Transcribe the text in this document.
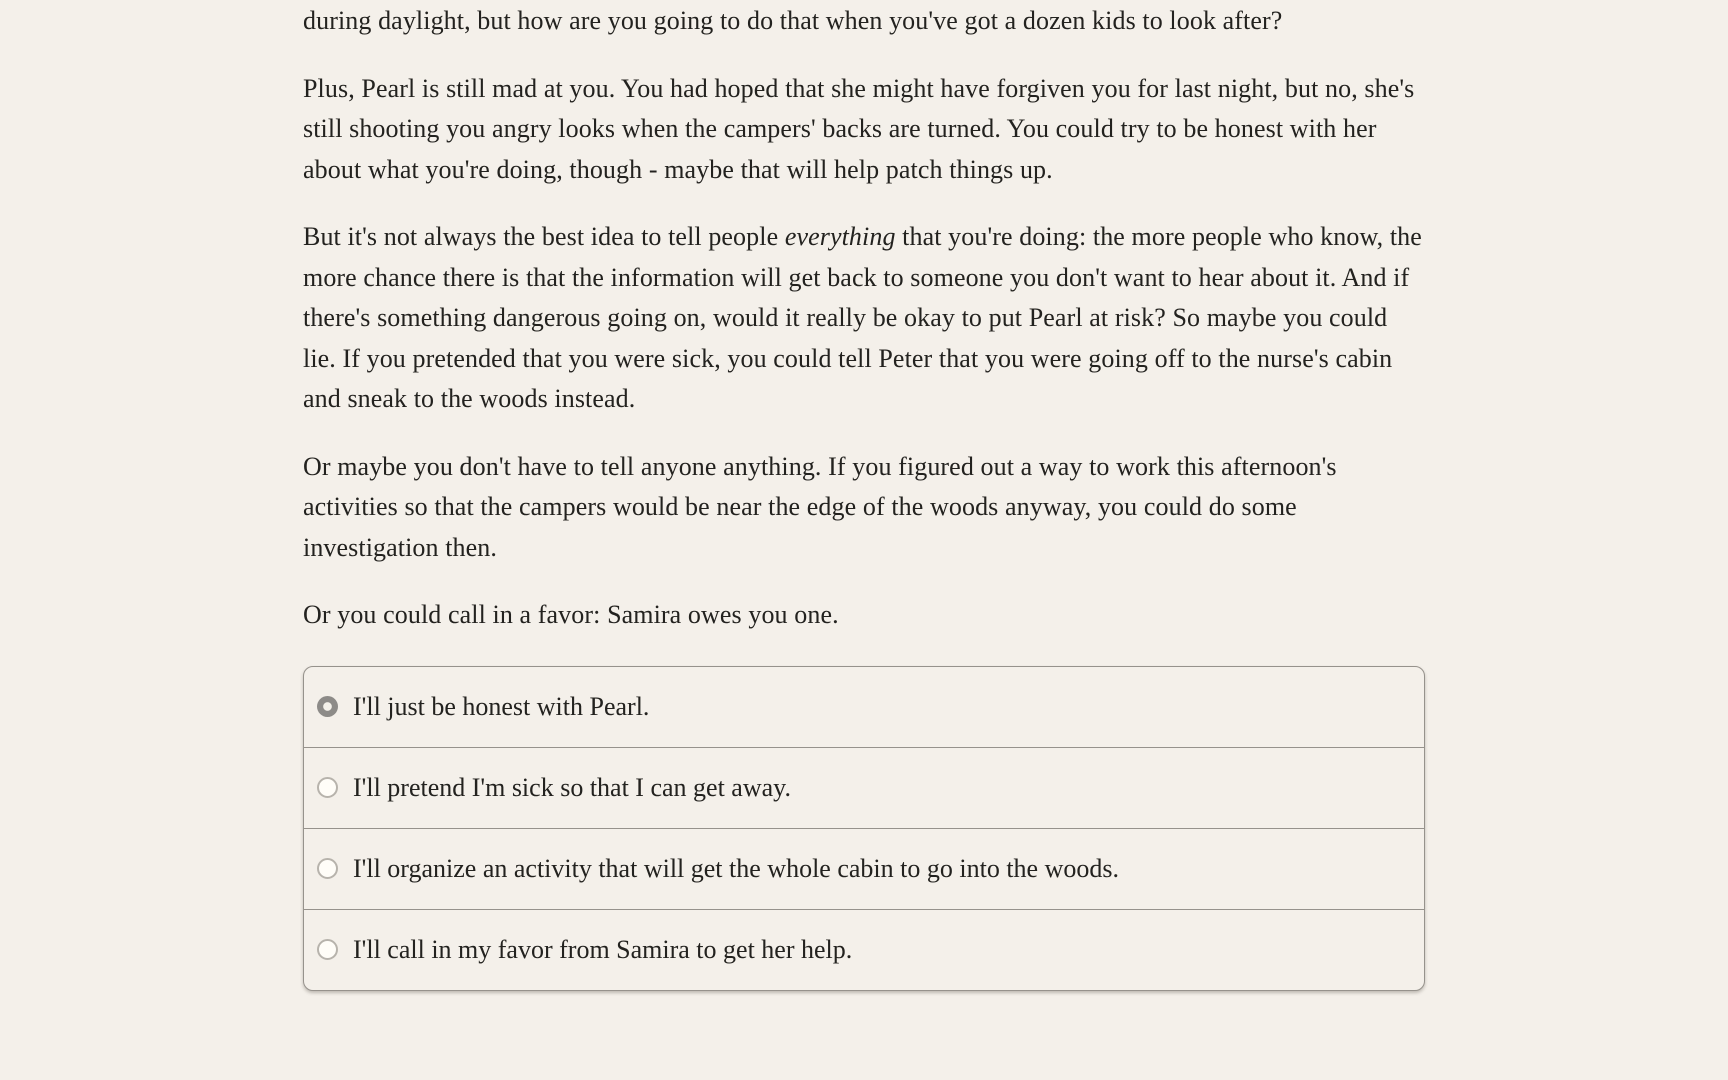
during daylight, but how are you going to do that when you've got a dozen kids to look after?

Plus, Pearl is still mad at you. You had hoped that she might have forgiven you for last night, but no, she's still shooting you angry looks when the campers' backs are turned. You could try to be honest with her about what you're doing, though - maybe that will help patch things up.

But it's not always the best idea to tell people everything that you're doing: the more people who know, the more chance there is that the information will get back to someone you don't want to hear about it. And if there's something dangerous going on, would it really be okay to put Pearl at risk? So maybe you could lie. If you pretended that you were sick, you could tell Peter that you were going off to the nurse's cabin and sneak to the woods instead.

Or maybe you don't have to tell anyone anything. If you figured out a way to work this afternoon's activities so that the campers would be near the edge of the woods anyway, you could do some investigation then.

Or you could call in a favor: Samira owes you one.

I'll just be honest with Pearl.
I'll pretend I'm sick so that I can get away.
I'll organize an activity that will get the whole cabin to go into the woods.
I'll call in my favor from Samira to get her help.
